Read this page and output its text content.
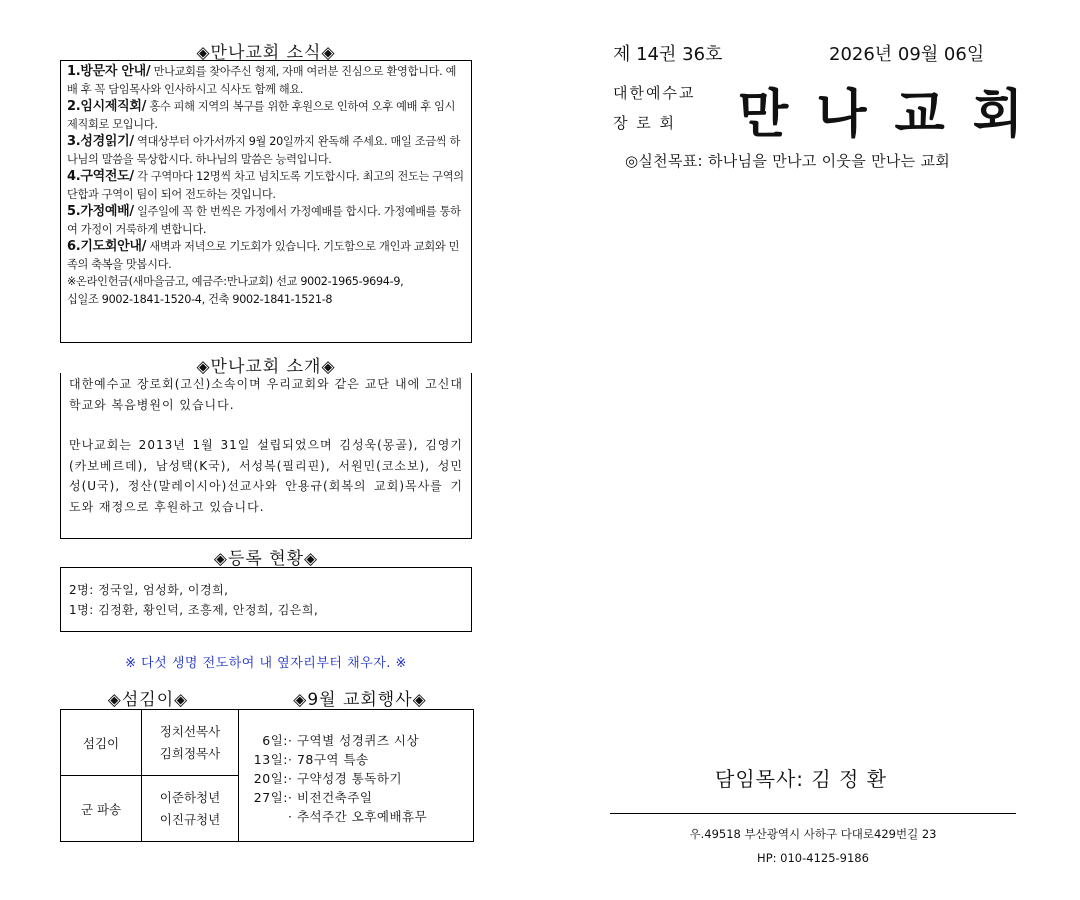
◈만나교회 소식◈
1.방문자 안내/ 만나교회를 찾아주신 형제, 자매 여러분 진심으로 환영합니다. 예배 후 꼭 담임목사와 인사하시고 식사도 함께 해요.
2.임시제직회/ 홍수 피해 지역의 복구를 위한 후원으로 인하여 오후 예배 후 임시제직회로 모입니다.
3.성경읽기/ 역대상부터 아가서까지 9월 20일까지 완독해 주세요. 매일 조금씩 하나님의 말씀을 묵상합시다. 하나님의 말씀은 능력입니다.
4.구역전도/ 각 구역마다 12명씩 차고 넘치도록 기도합시다. 최고의 전도는 구역의 단합과 구역이 팀이 되어 전도하는 것입니다.
5.가정예배/ 일주일에 꼭 한 번씩은 가정에서 가정예배를 합시다. 가정예배를 통하여 가정이 거룩하게 변합니다.
6.기도회안내/ 새벽과 저녁으로 기도회가 있습니다. 기도함으로 개인과 교회와 민족의 축복을 맛봅시다.
※온라인헌금(새마을금고, 예금주:만나교회) 선교 9002-1965-9694-9,
십일조 9002-1841-1520-4, 건축 9002-1841-1521-8
◈만나교회 소개◈

대한예수교 장로회(고신)소속이며 우리교회와 같은 교단 내에 고신대학교와 복음병원이 있습니다.

만나교회는 2013년 1월 31일 설립되었으며 김성욱(몽골), 김영기(카보베르데), 남성택(K국), 서성복(필리핀), 서원민(코소보), 성민성(U국), 정산(말레이시아)선교사와 안용규(회복의 교회)목사를 기도와 재정으로 후원하고 있습니다.

◈등록 현황◈
2명: 정국일, 엄성화, 이경희,
1명: 김정환, 황인덕, 조흥제, 안정희, 김은희,
※ 다섯 생명 전도하여 내 옆자리부터 채우자. ※
◈섬김이◈	◈9월 교회행사◈
섬김이	정치선목사
김희정목사	

군 파송	이준하청년
이진규청년	
6일:· 구역별 성경퀴즈 시상
13일:· 78구역 특송
20일:· 구약성경 통독하기
27일:· 비전건축주일
· 추석주간 오후예배휴무
제 14권 36호	2026년 09월 06일
대한예수교
장 로 회	만나교회
◎실천목표: 하나님을 만나고 이웃을 만나는 교회
담임목사: 김 정 환
우.49518 부산광역시 사하구 다대로429번길 23
HP: 010-4125-9186
